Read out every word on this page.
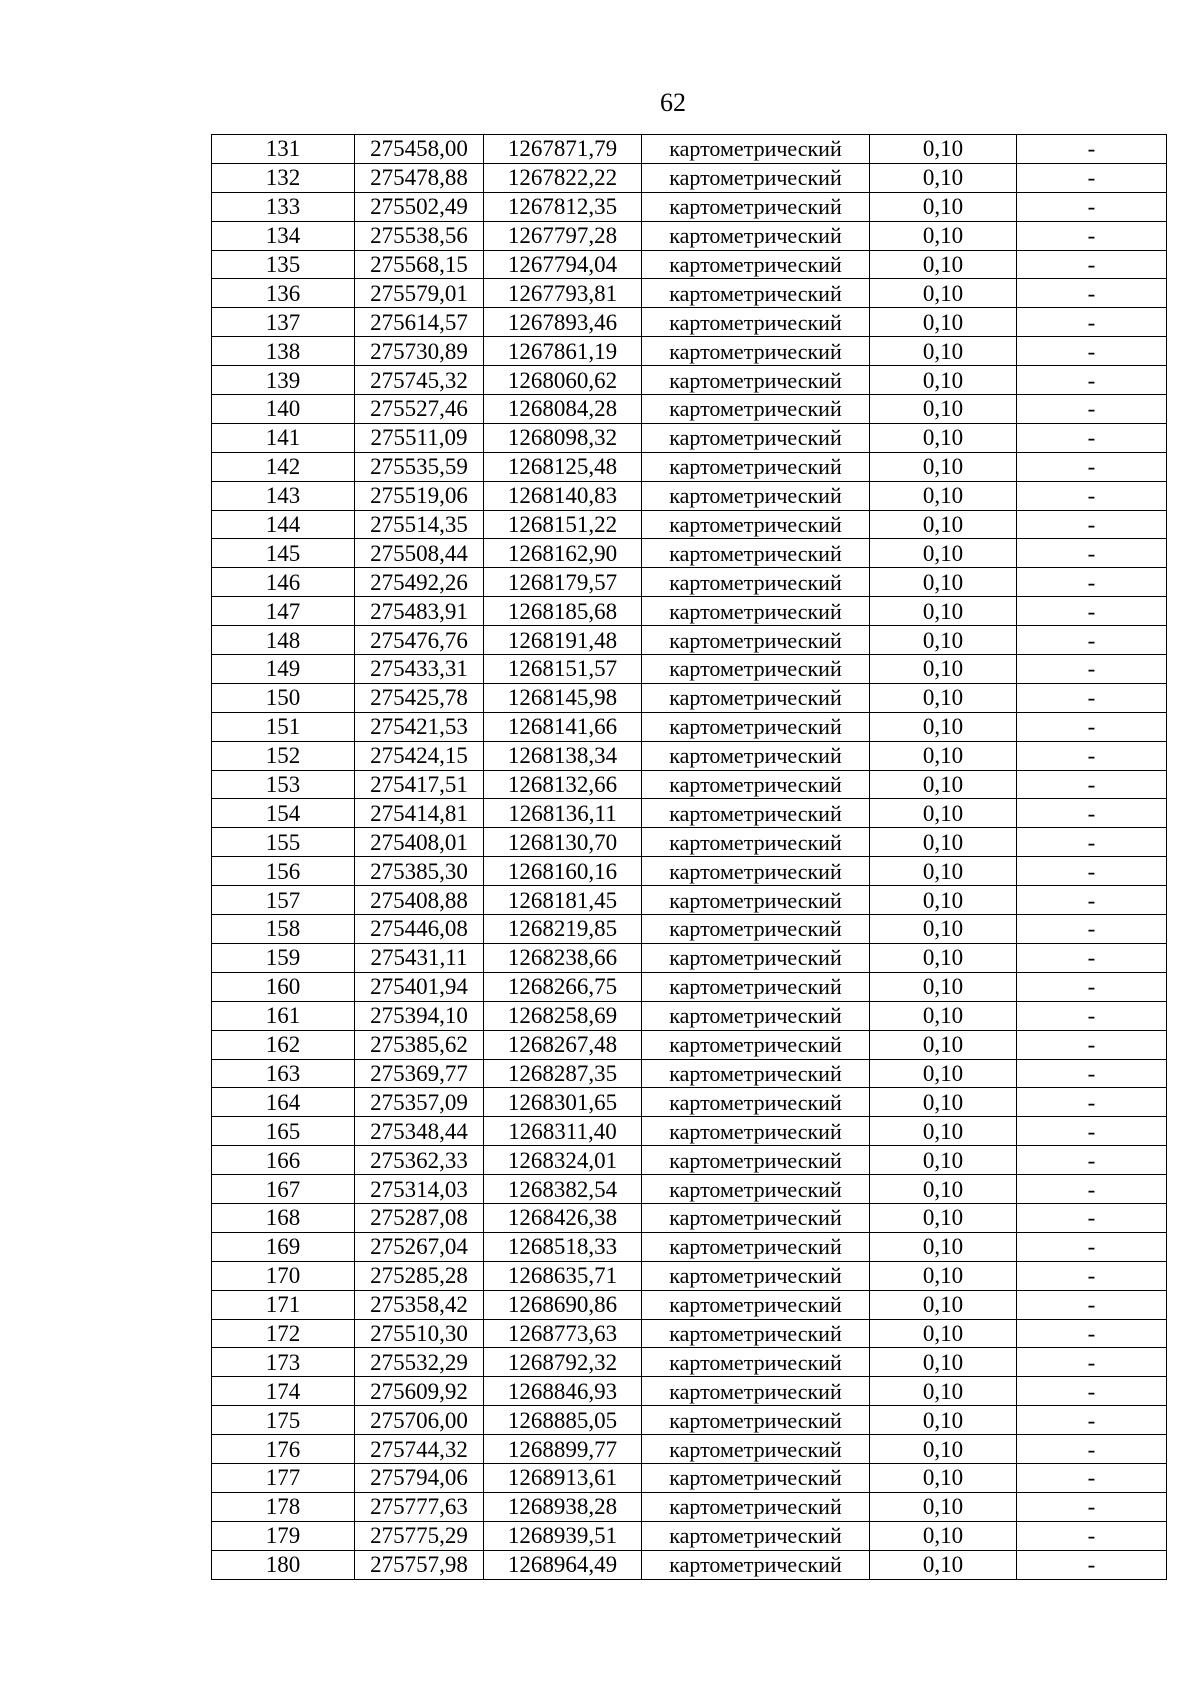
62
131	275458,00	1267871,79	картометрический	0,10	-
132	275478,88	1267822,22	картометрический	0,10	-
133	275502,49	1267812,35	картометрический	0,10	-
134	275538,56	1267797,28	картометрический	0,10	-
135	275568,15	1267794,04	картометрический	0,10	-
136	275579,01	1267793,81	картометрический	0,10	-
137	275614,57	1267893,46	картометрический	0,10	-
138	275730,89	1267861,19	картометрический	0,10	-
139	275745,32	1268060,62	картометрический	0,10	-
140	275527,46	1268084,28	картометрический	0,10	-
141	275511,09	1268098,32	картометрический	0,10	-
142	275535,59	1268125,48	картометрический	0,10	-
143	275519,06	1268140,83	картометрический	0,10	-
144	275514,35	1268151,22	картометрический	0,10	-
145	275508,44	1268162,90	картометрический	0,10	-
146	275492,26	1268179,57	картометрический	0,10	-
147	275483,91	1268185,68	картометрический	0,10	-
148	275476,76	1268191,48	картометрический	0,10	-
149	275433,31	1268151,57	картометрический	0,10	-
150	275425,78	1268145,98	картометрический	0,10	-
151	275421,53	1268141,66	картометрический	0,10	-
152	275424,15	1268138,34	картометрический	0,10	-
153	275417,51	1268132,66	картометрический	0,10	-
154	275414,81	1268136,11	картометрический	0,10	-
155	275408,01	1268130,70	картометрический	0,10	-
156	275385,30	1268160,16	картометрический	0,10	-
157	275408,88	1268181,45	картометрический	0,10	-
158	275446,08	1268219,85	картометрический	0,10	-
159	275431,11	1268238,66	картометрический	0,10	-
160	275401,94	1268266,75	картометрический	0,10	-
161	275394,10	1268258,69	картометрический	0,10	-
162	275385,62	1268267,48	картометрический	0,10	-
163	275369,77	1268287,35	картометрический	0,10	-
164	275357,09	1268301,65	картометрический	0,10	-
165	275348,44	1268311,40	картометрический	0,10	-
166	275362,33	1268324,01	картометрический	0,10	-
167	275314,03	1268382,54	картометрический	0,10	-
168	275287,08	1268426,38	картометрический	0,10	-
169	275267,04	1268518,33	картометрический	0,10	-
170	275285,28	1268635,71	картометрический	0,10	-
171	275358,42	1268690,86	картометрический	0,10	-
172	275510,30	1268773,63	картометрический	0,10	-
173	275532,29	1268792,32	картометрический	0,10	-
174	275609,92	1268846,93	картометрический	0,10	-
175	275706,00	1268885,05	картометрический	0,10	-
176	275744,32	1268899,77	картометрический	0,10	-
177	275794,06	1268913,61	картометрический	0,10	-
178	275777,63	1268938,28	картометрический	0,10	-
179	275775,29	1268939,51	картометрический	0,10	-
180	275757,98	1268964,49	картометрический	0,10	-
